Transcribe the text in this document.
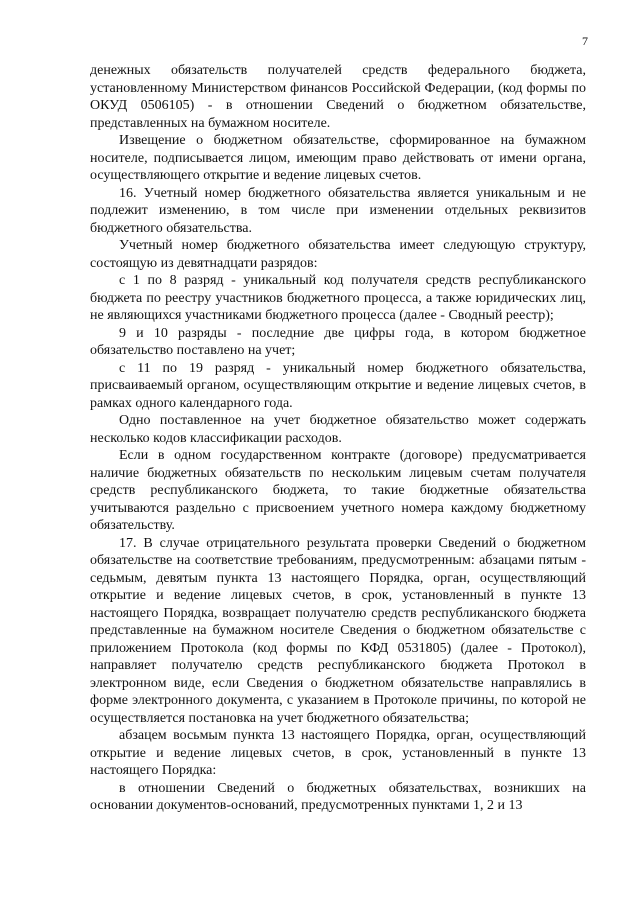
7

денежных обязательств получателей средств федерального бюджета, установленному Министерством финансов Российской Федерации, (код формы по ОКУД 0506105) - в отношении Сведений о бюджетном обязательстве, представленных на бумажном носителе.

Извещение о бюджетном обязательстве, сформированное на бумажном носителе, подписывается лицом, имеющим право действовать от имени органа, осуществляющего открытие и ведение лицевых счетов.

16. Учетный номер бюджетного обязательства является уникальным и не подлежит изменению, в том числе при изменении отдельных реквизитов бюджетного обязательства.

Учетный номер бюджетного обязательства имеет следующую структуру, состоящую из девятнадцати разрядов:

с 1 по 8 разряд - уникальный код получателя средств республиканского бюджета по реестру участников бюджетного процесса, а также юридических лиц, не являющихся участниками бюджетного процесса (далее - Сводный реестр);

9 и 10 разряды - последние две цифры года, в котором бюджетное обязательство поставлено на учет;

с 11 по 19 разряд - уникальный номер бюджетного обязательства, присваиваемый органом, осуществляющим открытие и ведение лицевых счетов, в рамках одного календарного года.

Одно поставленное на учет бюджетное обязательство может содержать несколько кодов классификации расходов.

Если в одном государственном контракте (договоре) предусматривается наличие бюджетных обязательств по нескольким лицевым счетам получателя средств республиканского бюджета, то такие бюджетные обязательства учитываются раздельно с присвоением учетного номера каждому бюджетному обязательству.

17. В случае отрицательного результата проверки Сведений о бюджетном обязательстве на соответствие требованиям, предусмотренным: абзацами пятым - седьмым, девятым пункта 13 настоящего Порядка, орган, осуществляющий открытие и ведение лицевых счетов, в срок, установленный в пункте 13 настоящего Порядка, возвращает получателю средств республиканского бюджета представленные на бумажном носителе Сведения о бюджетном обязательстве с приложением Протокола (код формы по КФД 0531805) (далее - Протокол), направляет получателю средств республиканского бюджета Протокол в электронном виде, если Сведения о бюджетном обязательстве направлялись в форме электронного документа, с указанием в Протоколе причины, по которой не осуществляется постановка на учет бюджетного обязательства;

абзацем восьмым пункта 13 настоящего Порядка, орган, осуществляющий открытие и ведение лицевых счетов, в срок, установленный в пункте 13 настоящего Порядка:

в отношении Сведений о бюджетных обязательствах, возникших на основании документов-оснований, предусмотренных пунктами 1, 2 и 13
